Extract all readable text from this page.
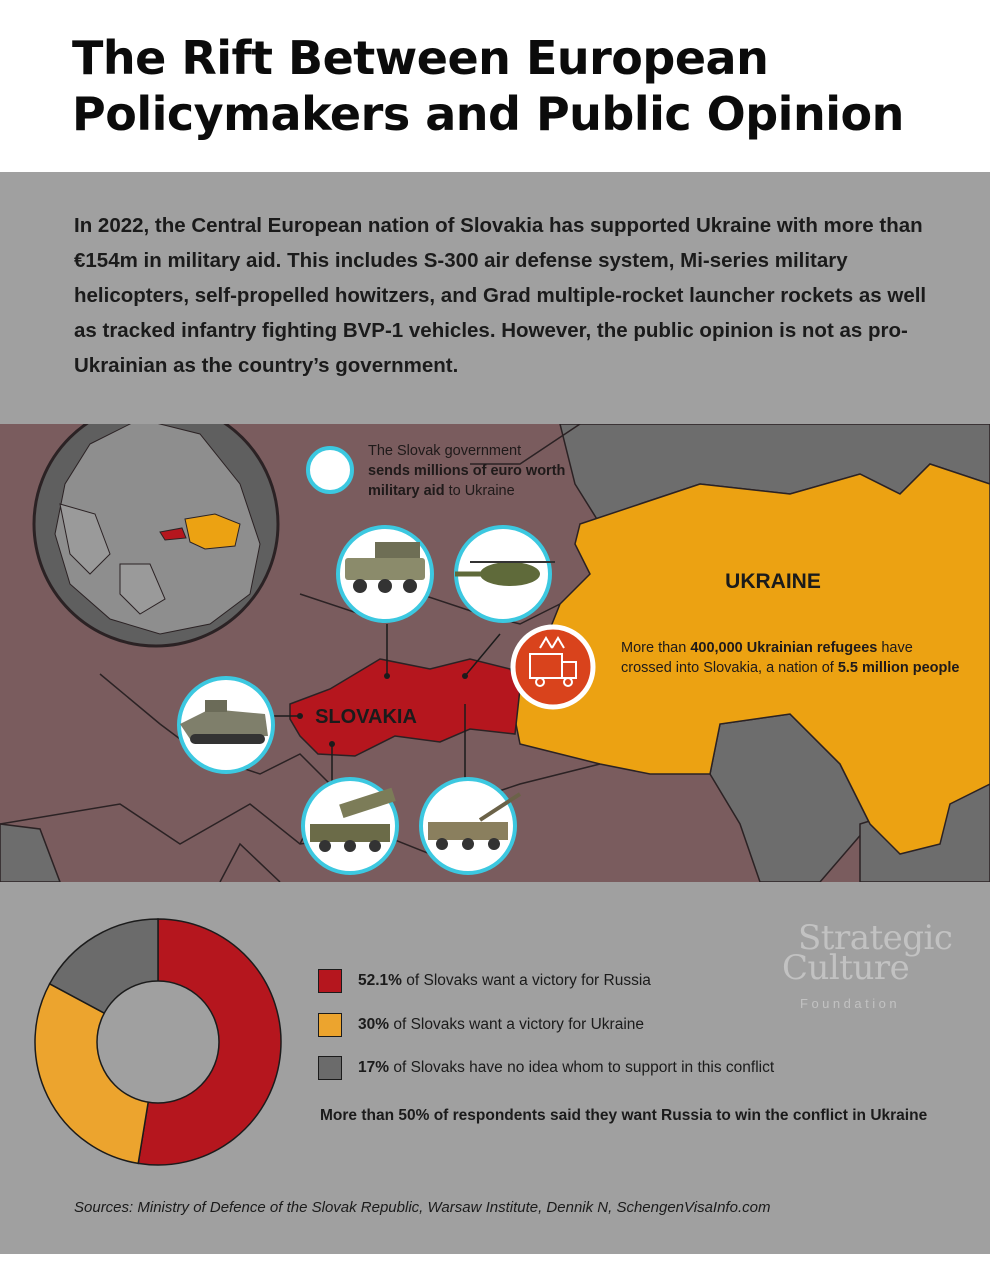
The Rift Between European Policymakers and Public Opinion

In 2022, the Central European nation of Slovakia has supported Ukraine with more than €154m in military aid. This includes S-300 air defense system, Mi-series military helicopters, self-propelled howitzers, and Grad multiple-rocket launcher rockets as well as tracked infantry fighting BVP-1 vehicles. However, the public opinion is not as pro-Ukrainian as the country’s government.

UKRAINE
SLOVAKIA

The Slovak government
sends millions of euro worth military aid to Ukraine

More than 400,000 Ukrainian refugees have crossed into Slovakia, a nation of 5.5 million people

52.1% of Slovaks want a victory for Russia
30% of Slovaks want a victory for Ukraine
17% of Slovaks have no idea whom to support in this conflict

More than 50% of respondents said they want Russia to win the conflict in Ukraine

Strategic
Culture
Foundation

Sources: Ministry of Defence of the Slovak Republic, Warsaw Institute, Dennik N, SchengenVisaInfo.com
